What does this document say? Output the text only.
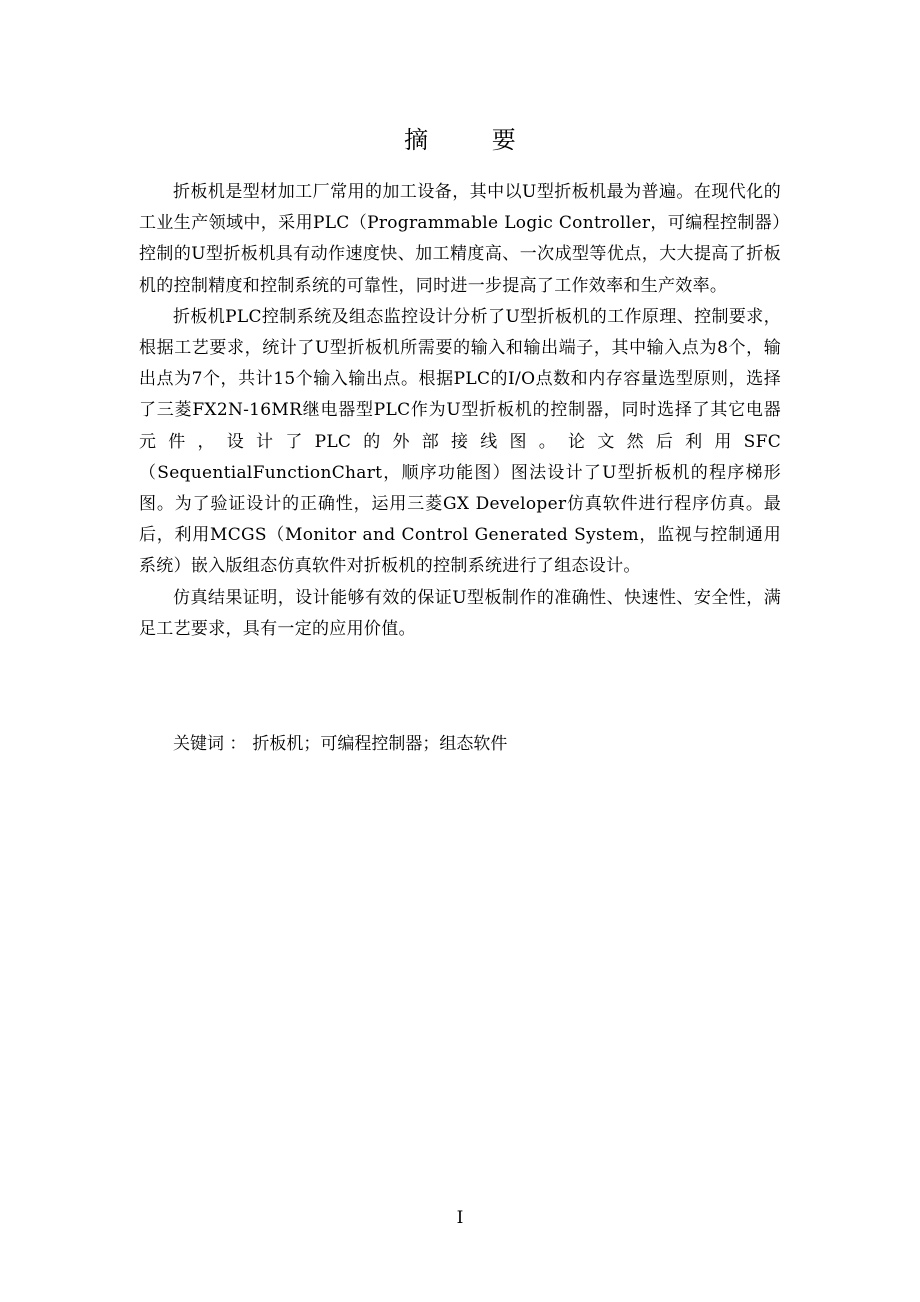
摘 要

折板机是型材加工厂常用的加工设备，其中以U型折板机最为普遍。在现代化的工业生产领域中，采用PLC（Programmable Logic Controller，可编程控制器）控制的U型折板机具有动作速度快、加工精度高、一次成型等优点，大大提高了折板机的控制精度和控制系统的可靠性，同时进一步提高了工作效率和生产效率。

折板机PLC控制系统及组态监控设计分析了U型折板机的工作原理、控制要求，根据工艺要求，统计了U型折板机所需要的输入和输出端子，其中输入点为8个，输出点为7个，共计15个输入输出点。根据PLC的I/O点数和内存容量选型原则，选择了三菱FX2N-16MR继电器型PLC作为U型折板机的控制器，同时选择了其它电器元件，设计了PLC的外部接线图。论文然后利用SFC（SequentialFunctionChart，顺序功能图）图法设计了U型折板机的程序梯形图。为了验证设计的正确性，运用三菱GX Developer仿真软件进行程序仿真。最后，利用MCGS（Monitor and Control Generated System，监视与控制通用系统）嵌入版组态仿真软件对折板机的控制系统进行了组态设计。

仿真结果证明，设计能够有效的保证U型板制作的准确性、快速性、安全性，满足工艺要求，具有一定的应用价值。

关键词 ： 折板机；可编程控制器；组态软件
I
